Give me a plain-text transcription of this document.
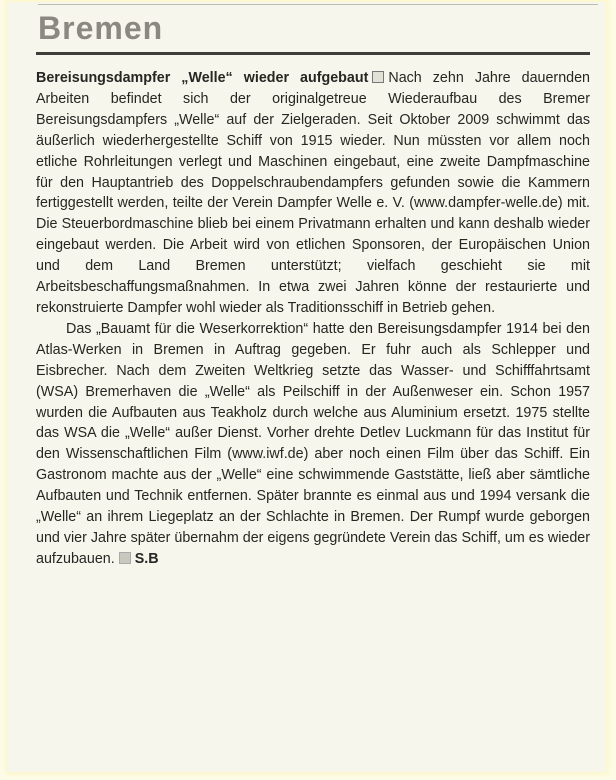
Bremen

Bereisungsdampfer „Welle“ wieder aufgebaut Nach zehn Jahre dauernden Arbeiten befindet sich der originalgetreue Wiederaufbau des Bremer Bereisungsdampfers „Welle“ auf der Zielgeraden. Seit Oktober 2009 schwimmt das äußerlich wiederhergestellte Schiff von 1915 wieder. Nun müssten vor allem noch etliche Rohrleitungen verlegt und Maschinen eingebaut, eine zweite Dampfmaschine für den Hauptantrieb des Doppelschraubendampfers gefunden sowie die Kammern fertiggestellt werden, teilte der Verein Dampfer Welle e. V. (www.dampfer-welle.de) mit. Die Steuerbordmaschine blieb bei einem Privatmann erhalten und kann deshalb wieder eingebaut werden. Die Arbeit wird von etlichen Sponsoren, der Europäischen Union und dem Land Bremen unterstützt; vielfach geschieht sie mit Arbeitsbeschaffungsmaßnahmen. In etwa zwei Jahren könne der restaurierte und rekonstruierte Dampfer wohl wieder als Traditionsschiff in Betrieb gehen.

Das „Bauamt für die Weserkorrektion“ hatte den Bereisungsdampfer 1914 bei den Atlas-Werken in Bremen in Auftrag gegeben. Er fuhr auch als Schlepper und Eisbrecher. Nach dem Zweiten Weltkrieg setzte das Wasser- und Schifffahrtsamt (WSA) Bremerhaven die „Welle“ als Peilschiff in der Außenweser ein. Schon 1957 wurden die Aufbauten aus Teakholz durch welche aus Aluminium ersetzt. 1975 stellte das WSA die „Welle“ außer Dienst. Vorher drehte Detlev Luckmann für das Institut für den Wissenschaftlichen Film (www.iwf.de) aber noch einen Film über das Schiff. Ein Gastronom machte aus der „Welle“ eine schwimmende Gaststätte, ließ aber sämtliche Aufbauten und Technik entfernen. Später brannte es einmal aus und 1994 versank die „Welle“ an ihrem Liegeplatz an der Schlachte in Bremen. Der Rumpf wurde geborgen und vier Jahre später übernahm der eigens gegründete Verein das Schiff, um es wieder aufzubauen. S.B
